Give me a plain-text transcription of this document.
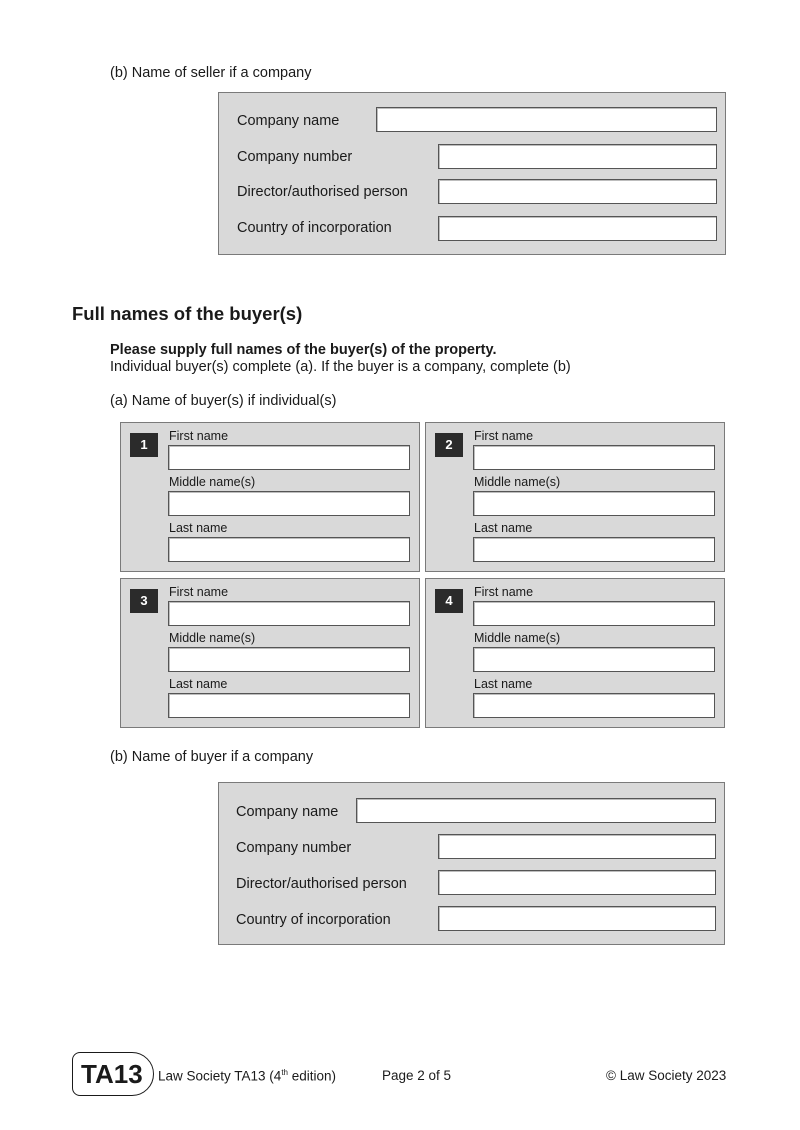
(b) Name of seller if a company
Company name
Company number
Director/authorised person
Country of incorporation
Full names of the buyer(s)
Please supply full names of the buyer(s) of the property.
Individual buyer(s) complete (a). If the buyer is a company, complete (b)
(a) Name of buyer(s) if individual(s)
1
First name
Middle name(s)
Last name
2
First name
Middle name(s)
Last name
3
First name
Middle name(s)
Last name
4
First name
Middle name(s)
Last name
(b) Name of buyer if a company
Company name
Company number
Director/authorised person
Country of incorporation
TA13	Law Society TA13 (4th edition)	Page 2 of 5	© Law Society 2023
